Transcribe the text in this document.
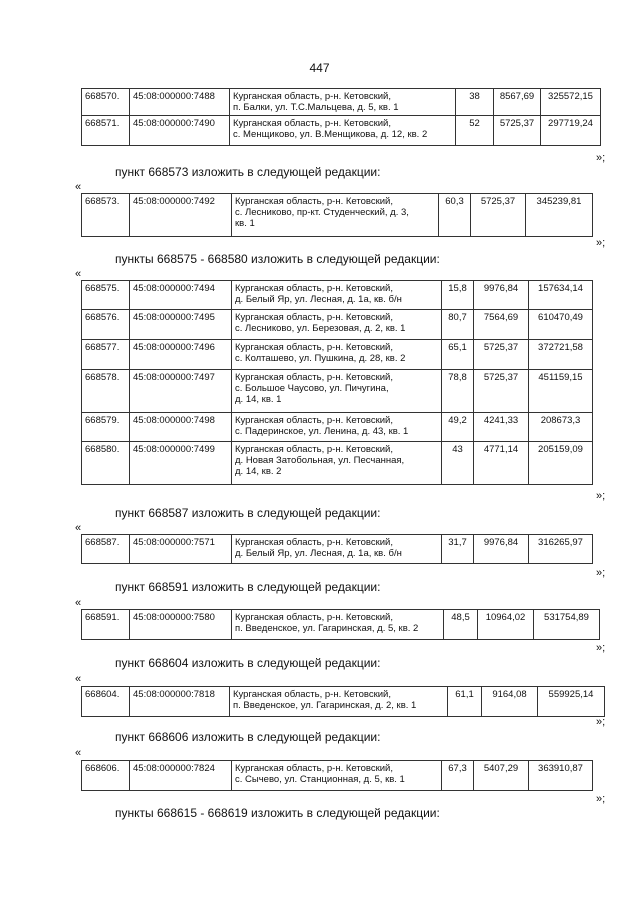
447
668570.	45:08:000000:7488	Курганская область, р-н. Кетовский,
п. Балки, ул. Т.С.Мальцева, д. 5, кв. 1	38	8567,69	325572,15
668571.	45:08:000000:7490	Курганская область, р-н. Кетовский,
с. Менщиково, ул. В.Менщикова, д. 12, кв. 2	52	5725,37	297719,24
»;
пункт 668573 изложить в следующей редакции:
«
668573.	45:08:000000:7492	Курганская область, р-н. Кетовский,
с. Лесниково, пр-кт. Студенческий, д. 3,
кв. 1	60,3	5725,37	345239,81
»;
пункты 668575 - 668580 изложить в следующей редакции:
«
668575.	45:08:000000:7494	Курганская область, р-н. Кетовский,
д. Белый Яр, ул. Лесная, д. 1а, кв. б/н	15,8	9976,84	157634,14
668576.	45:08:000000:7495	Курганская область, р-н. Кетовский,
с. Лесниково, ул. Березовая, д. 2, кв. 1	80,7	7564,69	610470,49
668577.	45:08:000000:7496	Курганская область, р-н. Кетовский,
с. Колташево, ул. Пушкина, д. 28, кв. 2	65,1	5725,37	372721,58
668578.	45:08:000000:7497	Курганская область, р-н. Кетовский,
с. Большое Чаусово, ул. Пичугина,
д. 14, кв. 1	78,8	5725,37	451159,15
668579.	45:08:000000:7498	Курганская область, р-н. Кетовский,
с. Падеринское, ул. Ленина, д. 43, кв. 1	49,2	4241,33	208673,3
668580.	45:08:000000:7499	Курганская область, р-н. Кетовский,
д. Новая Затобольная, ул. Песчанная,
д. 14, кв. 2	43	4771,14	205159,09
»;
пункт 668587 изложить в следующей редакции:
«
668587.	45:08:000000:7571	Курганская область, р-н. Кетовский,
д. Белый Яр, ул. Лесная, д. 1а, кв. б/н	31,7	9976,84	316265,97
»;
пункт 668591 изложить в следующей редакции:
«
668591.	45:08:000000:7580	Курганская область, р-н. Кетовский,
п. Введенское, ул. Гагаринская, д. 5, кв. 2	48,5	10964,02	531754,89
»;
пункт 668604 изложить в следующей редакции:
«
668604.	45:08:000000:7818	Курганская область, р-н. Кетовский,
п. Введенское, ул. Гагаринская, д. 2, кв. 1	61,1	9164,08	559925,14
»;
пункт 668606 изложить в следующей редакции:
«
668606.	45:08:000000:7824	Курганская область, р-н. Кетовский,
с. Сычево, ул. Станционная, д. 5, кв. 1	67,3	5407,29	363910,87
»;
пункты 668615 - 668619 изложить в следующей редакции:
